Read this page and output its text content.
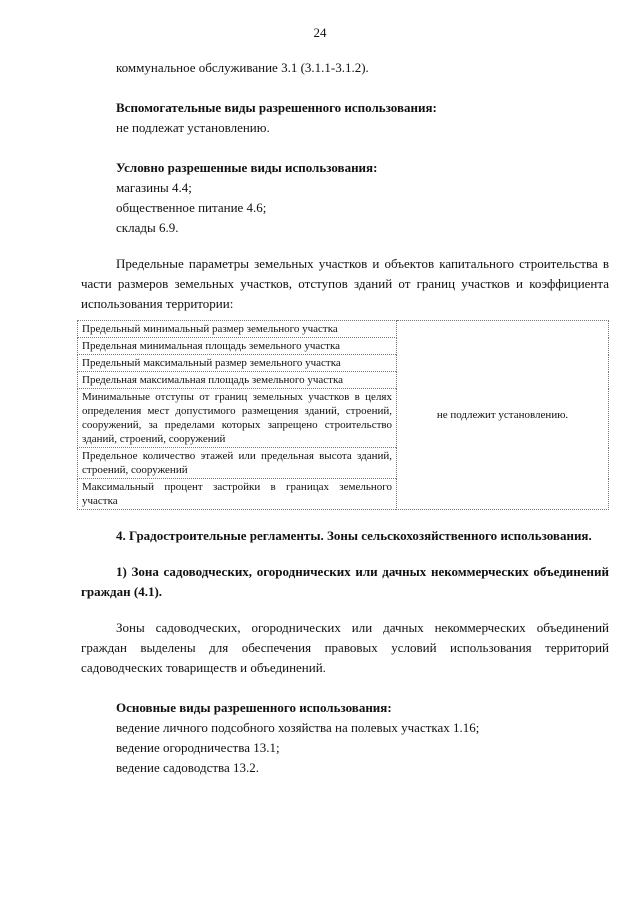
24

коммунальное обслуживание 3.1 (3.1.1-3.1.2).

Вспомогательные виды разрешенного использования:

не подлежат установлению.

Условно разрешенные виды использования:

магазины 4.4;

общественное питание 4.6;

склады 6.9.

Предельные параметры земельных участков и объектов капитального строительства в части размеров земельных участков, отступов зданий от границ участков и коэффициента использования территории:

Предельный минимальный размер земельного участка	не подлежит установлению.
Предельная минимальная площадь земельного участка
Предельный максимальный размер земельного участка
Предельная максимальная площадь земельного участка
Минимальные отступы от границ земельных участков в целях определения мест допустимого размещения зданий, строений, сооружений, за пределами которых запрещено строительство зданий, строений, сооружений
Предельное количество этажей или предельная высота зданий, строений, сооружений
Максимальный процент застройки в границах земельного участка

4. Градостроительные регламенты. Зоны сельскохозяйственного использования.

1) Зона садоводческих, огороднических или дачных некоммерческих объединений граждан (4.1).

Зоны садоводческих, огороднических или дачных некоммерческих объединений граждан выделены для обеспечения правовых условий использования территорий садоводческих товариществ и объединений.

Основные виды разрешенного использования:

ведение личного подсобного хозяйства на полевых участках 1.16;

ведение огородничества 13.1;

ведение садоводства 13.2.
